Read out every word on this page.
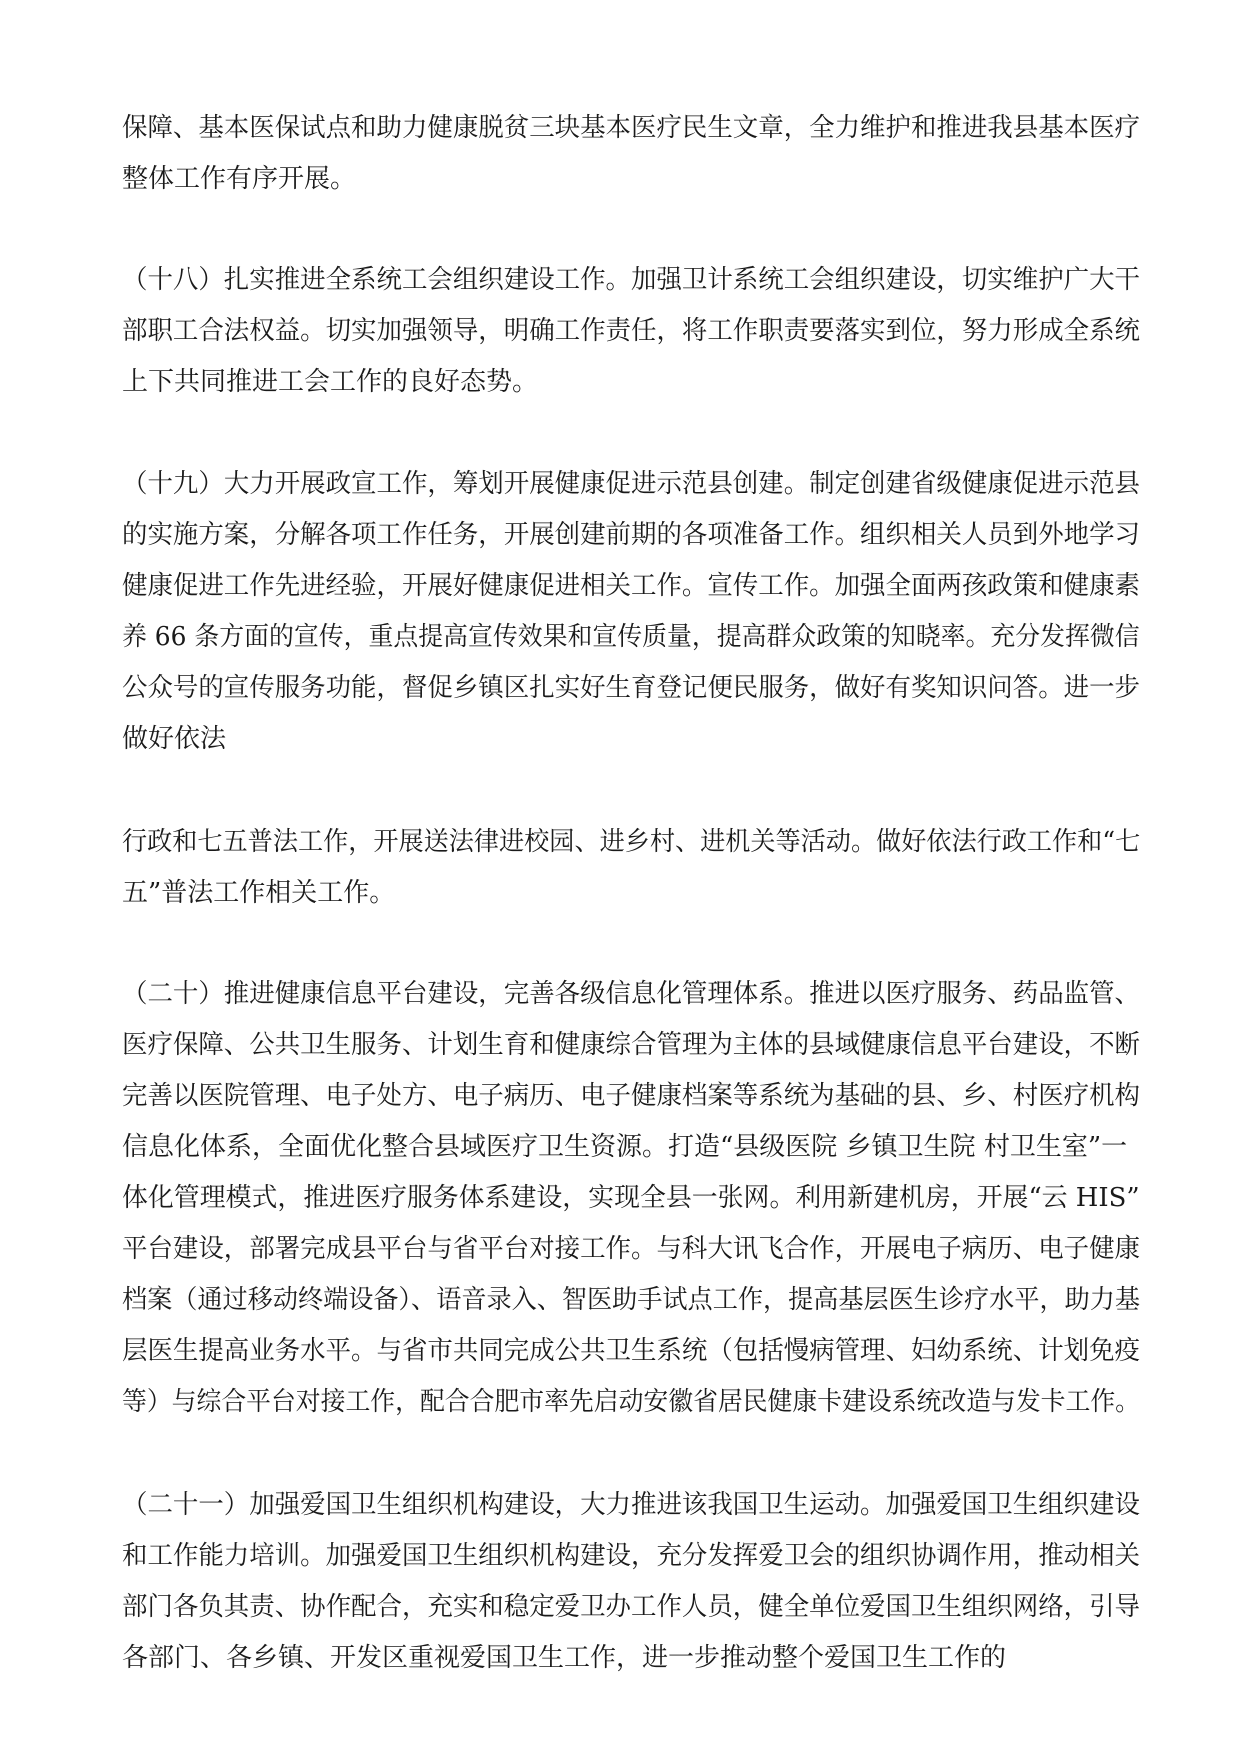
保障、基本医保试点和助力健康脱贫三块基本医疗民生文章，全力维护和推进我县基本医疗
整体工作有序开展。
（十八）扎实推进全系统工会组织建设工作。加强卫计系统工会组织建设，切实维护广大干
部职工合法权益。切实加强领导，明确工作责任，将工作职责要落实到位，努力形成全系统
上下共同推进工会工作的良好态势。
（十九）大力开展政宣工作，筹划开展健康促进示范县创建。制定创建省级健康促进示范县
的实施方案，分解各项工作任务，开展创建前期的各项准备工作。组织相关人员到外地学习
健康促进工作先进经验，开展好健康促进相关工作。宣传工作。加强全面两孩政策和健康素
养 66 条方面的宣传，重点提高宣传效果和宣传质量，提高群众政策的知晓率。充分发挥微信
公众号的宣传服务功能，督促乡镇区扎实好生育登记便民服务，做好有奖知识问答。进一步
做好依法
行政和七五普法工作，开展送法律进校园、进乡村、进机关等活动。做好依法行政工作和“七
五”普法工作相关工作。
（二十）推进健康信息平台建设，完善各级信息化管理体系。推进以医疗服务、药品监管、
医疗保障、公共卫生服务、计划生育和健康综合管理为主体的县域健康信息平台建设，不断
完善以医院管理、电子处方、电子病历、电子健康档案等系统为基础的县、乡、村医疗机构
信息化体系，全面优化整合县域医疗卫生资源。打造“县级医院 乡镇卫生院 村卫生室”一
体化管理模式，推进医疗服务体系建设，实现全县一张网。利用新建机房，开展“云 HIS”
平台建设，部署完成县平台与省平台对接工作。与科大讯飞合作，开展电子病历、电子健康
档案（通过移动终端设备）、语音录入、智医助手试点工作，提高基层医生诊疗水平，助力基
层医生提高业务水平。与省市共同完成公共卫生系统（包括慢病管理、妇幼系统、计划免疫
等）与综合平台对接工作，配合合肥市率先启动安徽省居民健康卡建设系统改造与发卡工作。
（二十一）加强爱国卫生组织机构建设，大力推进该我国卫生运动。加强爱国卫生组织建设
和工作能力培训。加强爱国卫生组织机构建设，充分发挥爱卫会的组织协调作用，推动相关
部门各负其责、协作配合，充实和稳定爱卫办工作人员，健全单位爱国卫生组织网络，引导
各部门、各乡镇、开发区重视爱国卫生工作，进一步推动整个爱国卫生工作的
